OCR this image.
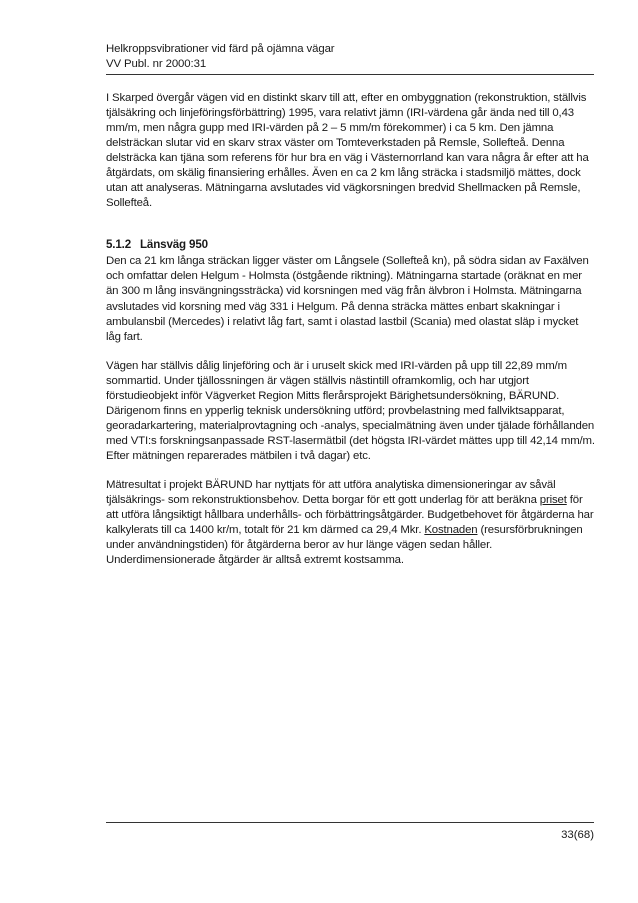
Helkroppsvibrationer vid färd på ojämna vägar
VV Publ. nr 2000:31

I Skarped övergår vägen vid en distinkt skarv till att, efter en ombyggnation (rekonstruktion, ställvis tjälsäkring och linjeföringsförbättring) 1995, vara relativt jämn (IRI-värdena går ända ned till 0,43 mm/m, men några gupp med IRI-värden på 2 – 5 mm/m förekommer) i ca 5 km. Den jämna delsträckan slutar vid en skarv strax väster om Tomteverkstaden på Remsle, Sollefteå. Denna delsträcka kan tjäna som referens för hur bra en väg i Västernorrland kan vara några år efter att ha åtgärdats, om skälig finansiering erhålles. Även en ca 2 km lång sträcka i stadsmiljö mättes, dock utan att analyseras. Mätningarna avslutades vid vägkorsningen bredvid Shellmacken på Remsle, Sollefteå.

5.1.2 Länsväg 950

Den ca 21 km långa sträckan ligger väster om Långsele (Sollefteå kn), på södra sidan av Faxälven och omfattar delen Helgum - Holmsta (östgående riktning). Mätningarna startade (oräknat en mer än 300 m lång insvängningssträcka) vid korsningen med väg från älvbron i Holmsta. Mätningarna avslutades vid korsning med väg 331 i Helgum. På denna sträcka mättes enbart skakningar i ambulansbil (Mercedes) i relativt låg fart, samt i olastad lastbil (Scania) med olastat släp i mycket låg fart.

Vägen har ställvis dålig linjeföring och är i uruselt skick med IRI-värden på upp till 22,89 mm/m sommartid. Under tjällossningen är vägen ställvis nästintill oframkomlig, och har utgjort förstudieobjekt inför Vägverket Region Mitts flerårsprojekt Bärighetsundersökning, BÄRUND. Därigenom finns en ypperlig teknisk undersökning utförd; provbelastning med fallviktsapparat, georadarkartering, materialprovtagning och -analys, specialmätning även under tjälade förhållanden med VTI:s forskningsanpassade RST-lasermätbil (det högsta IRI-värdet mättes upp till 42,14 mm/m. Efter mätningen reparerades mätbilen i två dagar) etc.

Mätresultat i projekt BÄRUND har nyttjats för att utföra analytiska dimensioneringar av såväl tjälsäkrings- som rekonstruktionsbehov. Detta borgar för ett gott underlag för att beräkna priset för att utföra långsiktigt hållbara underhålls- och förbättringsåtgärder. Budgetbehovet för åtgärderna har kalkylerats till ca 1400 kr/m, totalt för 21 km därmed ca 29,4 Mkr. Kostnaden (resursförbrukningen under användningstiden) för åtgärderna beror av hur länge vägen sedan håller. Underdimensionerade åtgärder är alltså extremt kostsamma.

33(68)
